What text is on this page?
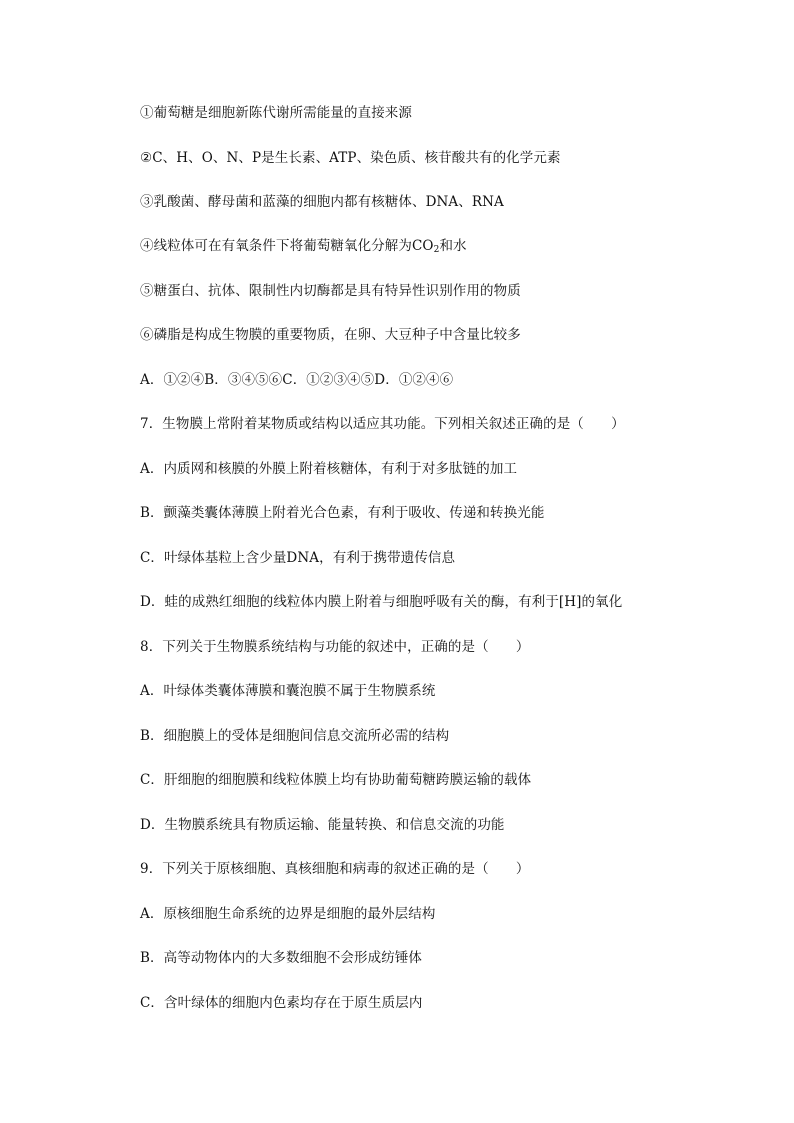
①葡萄糖是细胞新陈代谢所需能量的直接来源
②C、H、O、N、P是生长素、ATP、染色质、核苷酸共有的化学元素
③乳酸菌、酵母菌和蓝藻的细胞内都有核糖体、DNA、RNA
④线粒体可在有氧条件下将葡萄糖氧化分解为$CO_2$和水
⑤糖蛋白、抗体、限制性内切酶都是具有特异性识别作用的物质
⑥磷脂是构成生物膜的重要物质，在卵、大豆种子中含量比较多
A．①②④B．③④⑤⑥C．①②③④⑤D．①②④⑥
7．生物膜上常附着某物质或结构以适应其功能。下列相关叙述正确的是（　　）
A．内质网和核膜的外膜上附着核糖体，有利于对多肽链的加工
B．颤藻类囊体薄膜上附着光合色素，有利于吸收、传递和转换光能
C．叶绿体基粒上含少量DNA，有利于携带遗传信息
D．蛙的成熟红细胞的线粒体内膜上附着与细胞呼吸有关的酶，有利于[H]的氧化
8．下列关于生物膜系统结构与功能的叙述中，正确的是（　　）
A．叶绿体类囊体薄膜和囊泡膜不属于生物膜系统
B．细胞膜上的受体是细胞间信息交流所必需的结构
C．肝细胞的细胞膜和线粒体膜上均有协助葡萄糖跨膜运输的载体
D．生物膜系统具有物质运输、能量转换、和信息交流的功能
9．下列关于原核细胞、真核细胞和病毒的叙述正确的是（　　）
A．原核细胞生命系统的边界是细胞的最外层结构
B．高等动物体内的大多数细胞不会形成纺锤体
C．含叶绿体的细胞内色素均存在于原生质层内
